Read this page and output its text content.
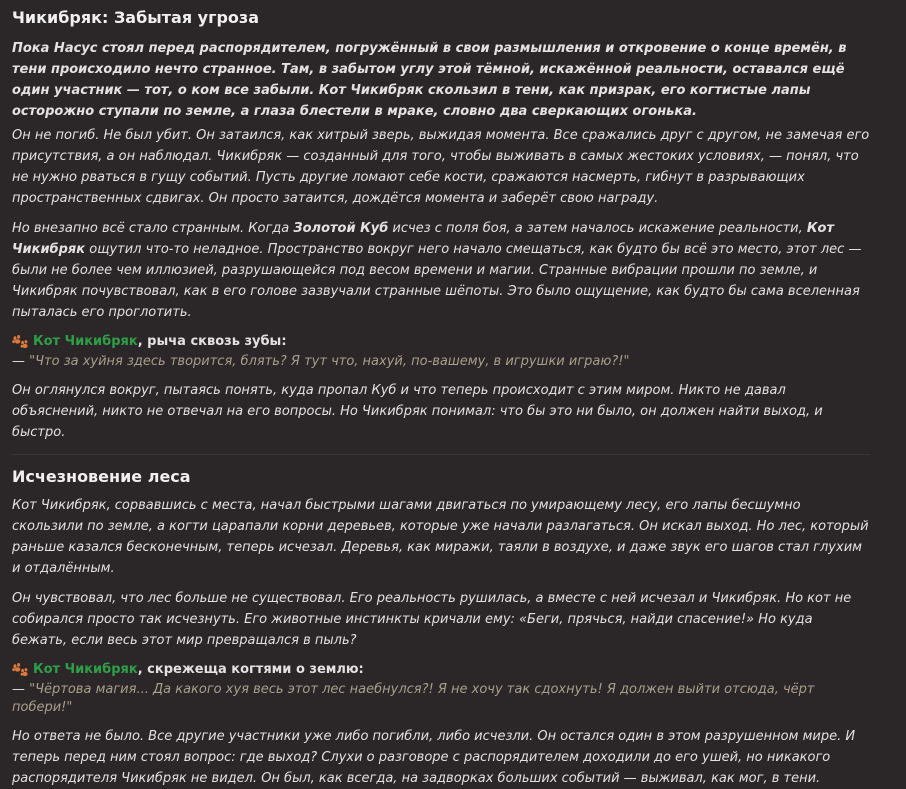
Чикибряк: Забытая угроза

Пока Насус стоял перед распорядителем, погружённый в свои размышления и откровение о конце времён, в тени происходило нечто странное. Там, в забытом углу этой тёмной, искажённой реальности, оставался ещё один участник — тот, о ком все забыли. Кот Чикибряк скользил в тени, как призрак, его когтистые лапы осторожно ступали по земле, а глаза блестели в мраке, словно два сверкающих огонька.

Он не погиб. Не был убит. Он затаился, как хитрый зверь, выжидая момента. Все сражались друг с другом, не замечая его присутствия, а он наблюдал. Чикибряк — созданный для того, чтобы выживать в самых жестоких условиях, — понял, что не нужно рваться в гущу событий. Пусть другие ломают себе кости, сражаются насмерть, гибнут в разрывающих пространственных сдвигах. Он просто затаится, дождётся момента и заберёт свою награду.

Но внезапно всё стало странным. Когда Золотой Куб исчез с поля боя, а затем началось искажение реальности, Кот Чикибряк ощутил что-то неладное. Пространство вокруг него начало смещаться, как будто бы всё это место, этот лес — были не более чем иллюзией, разрушающейся под весом времени и магии. Странные вибрации прошли по земле, и Чикибряк почувствовал, как в его голове зазвучали странные шёпоты. Это было ощущение, как будто бы сама вселенная пыталась его проглотить.

Кот Чикибряк , рыча сквозь зубы:
— "Что за хуйня здесь творится, блять? Я тут что, нахуй, по-вашему, в игрушки играю?!"

Он оглянулся вокруг, пытаясь понять, куда пропал Куб и что теперь происходит с этим миром. Никто не давал объяснений, никто не отвечал на его вопросы. Но Чикибряк понимал: что бы это ни было, он должен найти выход, и быстро.

Исчезновение леса

Кот Чикибряк, сорвавшись с места, начал быстрыми шагами двигаться по умирающему лесу, его лапы бесшумно скользили по земле, а когти царапали корни деревьев, которые уже начали разлагаться. Он искал выход. Но лес, который раньше казался бесконечным, теперь исчезал. Деревья, как миражи, таяли в воздухе, и даже звук его шагов стал глухим и отдалённым.

Он чувствовал, что лес больше не существовал. Его реальность рушилась, а вместе с ней исчезал и Чикибряк. Но кот не собирался просто так исчезнуть. Его животные инстинкты кричали ему: «Беги, прячься, найди спасение!» Но куда бежать, если весь этот мир превращался в пыль?

Кот Чикибряк , скрежеща когтями о землю:
— "Чёртова магия... Да какого хуя весь этот лес наебнулся?! Я не хочу так сдохнуть! Я должен выйти отсюда, чёрт побери!"

Но ответа не было. Все другие участники уже либо погибли, либо исчезли. Он остался один в этом разрушенном мире. И теперь перед ним стоял вопрос: где выход? Слухи о разговоре с распорядителем доходили до его ушей, но никакого распорядителя Чикибряк не видел. Он был, как всегда, на задворках больших событий — выживал, как мог, в тени.
